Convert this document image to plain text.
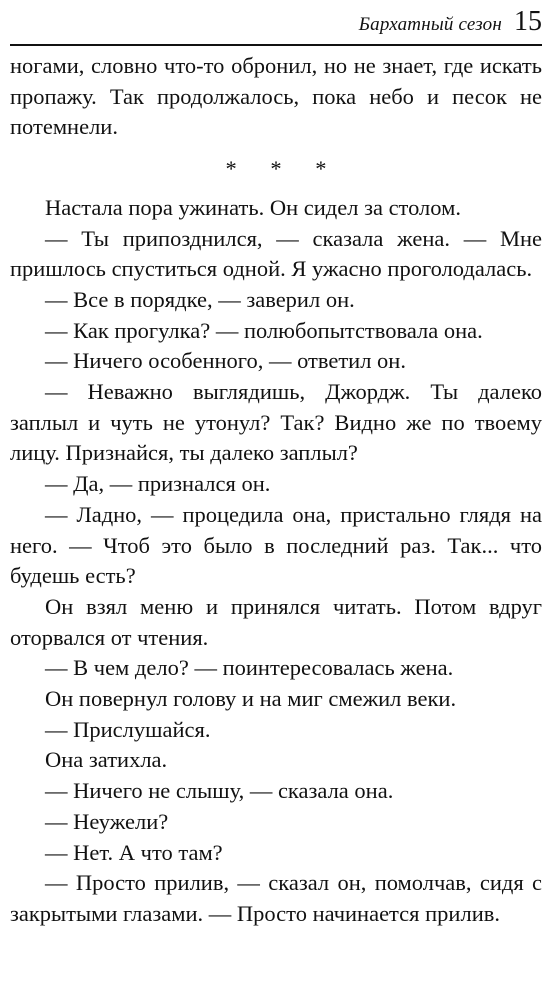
Бархатный сезон 15

ногами, словно что-то обронил, но не знает, где искать пропажу. Так продолжалось, пока небо и песок не потемнели.

* * *

Настала пора ужинать. Он сидел за столом.

— Ты припозднился, — сказала жена. — Мне пришлось спуститься одной. Я ужасно проголодалась.

— Все в порядке, — заверил он.

— Как прогулка? — полюбопытствовала она.

— Ничего особенного, — ответил он.

— Неважно выглядишь, Джордж. Ты далеко заплыл и чуть не утонул? Так? Видно же по твоему лицу. Признайся, ты далеко заплыл?

— Да, — признался он.

— Ладно, — процедила она, пристально глядя на него. — Чтоб это было в последний раз. Так... что будешь есть?

Он взял меню и принялся читать. Потом вдруг оторвался от чтения.

— В чем дело? — поинтересовалась жена.

Он повернул голову и на миг смежил веки.

— Прислушайся.

Она затихла.

— Ничего не слышу, — сказала она.

— Неужели?

— Нет. А что там?

— Просто прилив, — сказал он, помолчав, сидя с закрытыми глазами. — Просто начинается прилив.
